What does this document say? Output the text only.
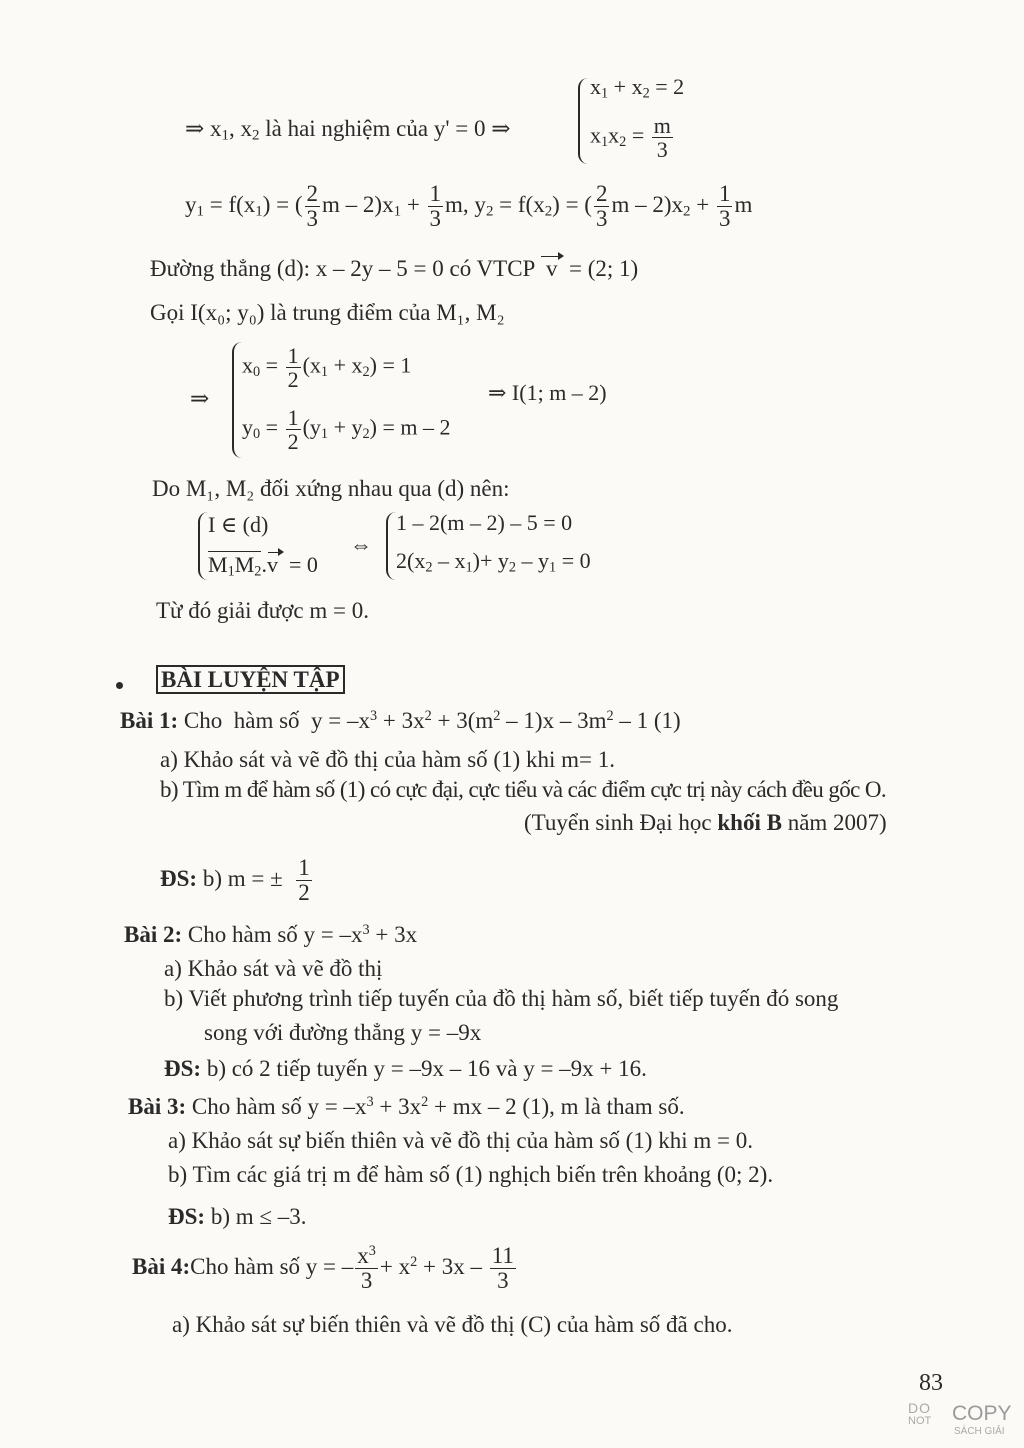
⇒ $x_1$, $x_2$ là hai nghiệm của y' = 0 ⇒
$x_1 + x_2 = 2$
$x_1x_2 = \frac{m}{3}$
$y_1 = f(x_1)$ = ( $\frac{2}{3}$ $m - 2)x_1 + \frac{1}{3} m$, $y_2 = f(x_2)$ = ( $\frac{2}{3}$ $m - 2)x_2 + \frac{1}{3}$ m
Đường thẳng (d): x – 2y – 5 = 0 có VTCP  v  = (2; 1)
Gọi I(x₀; y₀) là trung điểm của M₁, M₂
⇒
$x_0 = \frac{1}{2} (x_1 + x_2) = 1$
$y_0 = \frac{1}{2} (y_1 + y_2) = m - 2$
⇒ I(1; m – 2)
Do M₁, M₂ đối xứng nhau qua (d) nên:
I ∈ (d)
$M_1M_2.v = 0$
⇔
1 – 2(m – 2) – 5 = 0
$2(x_2 - x_1)+ y_2 - y_1 = 0$
Từ đó giải được m = 0.
BÀI LUYỆN TẬP
Bài 1: Cho  hàm số  $y = -x^3 + 3x^2 + 3(m^2 - 1)x - 3m^2 - 1$ (1)
a) Khảo sát và vẽ đồ thị của hàm số (1) khi m= 1.
b) Tìm m để hàm số (1) có cực đại, cực tiểu và các điểm cực trị này cách đều gốc O.
(Tuyển sinh Đại học khối B năm 2007)
ĐS: b) m = ± $\frac{1}{2}$
Bài 2: Cho hàm số $y = -x^3 + 3x$
a) Khảo sát và vẽ đồ thị
b) Viết phương trình tiếp tuyến của đồ thị hàm số, biết tiếp tuyến đó song
song với đường thẳng y = –9x
ĐS: b) có 2 tiếp tuyến y = –9x – 16 và y = –9x + 16.
Bài 3: Cho hàm số $y = -x^3 + 3x^2$ + mx – 2 (1), m là tham số.
a) Khảo sát sự biến thiên và vẽ đồ thị của hàm số (1) khi m = 0.
b) Tìm các giá trị m để hàm số (1) nghịch biến trên khoảng (0; 2).
ĐS: b) m ≤ –3.
Bài 4:Cho hàm số y = – $\frac{x^3}{3} + x^2 + 3x - \frac{11}{3}$
a) Khảo sát sự biến thiên và vẽ đồ thị (C) của hàm số đã cho.
83
DO
NOT COPY
SÁCH GIẢI
